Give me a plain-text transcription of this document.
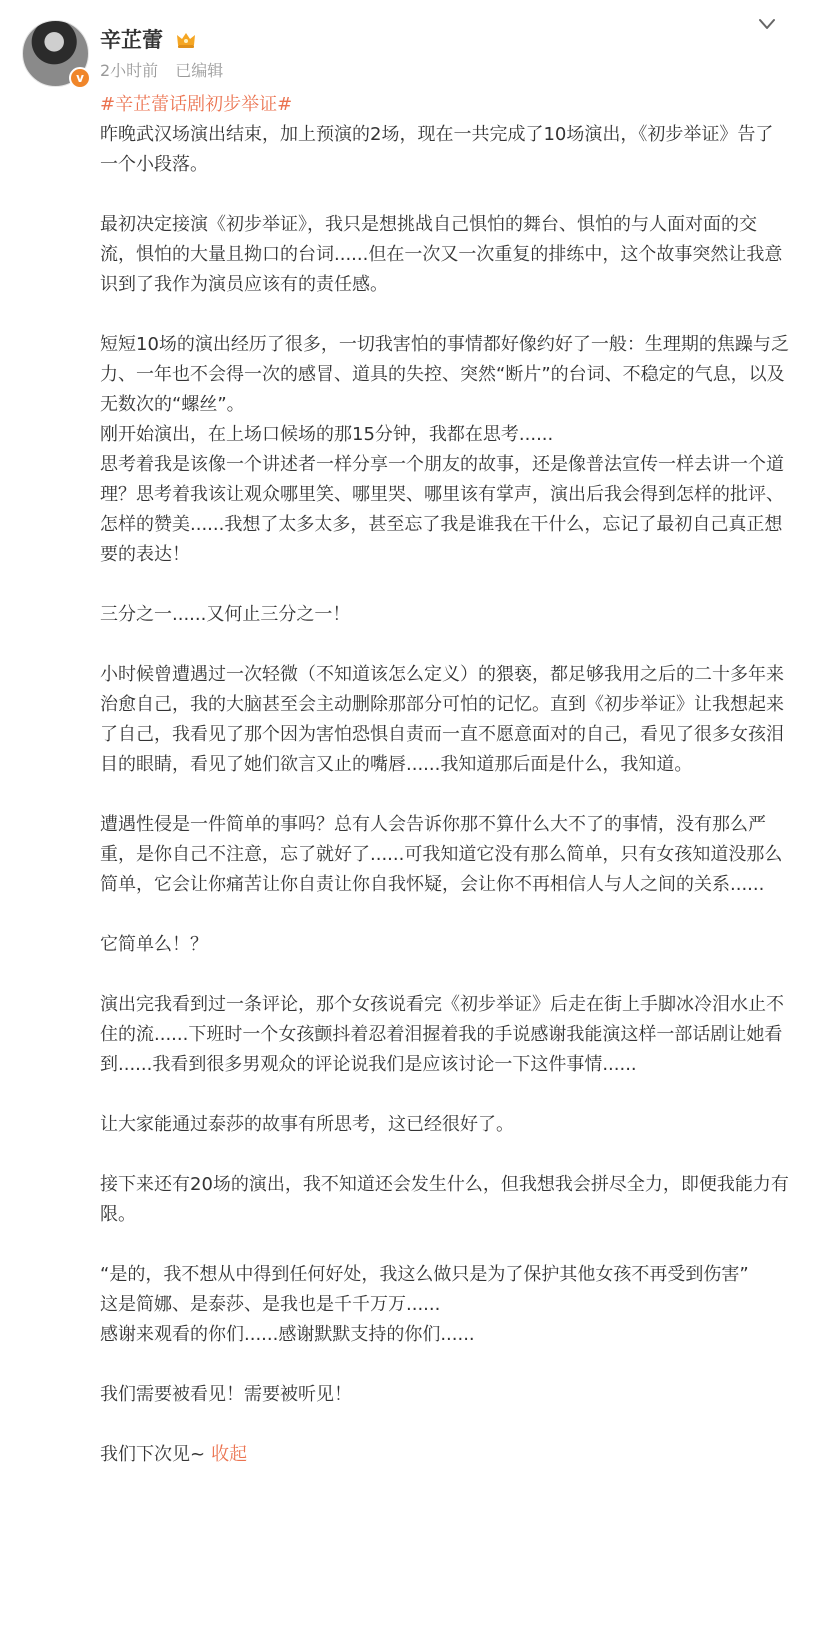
v
辛芷蕾
2小时前 已编辑
#辛芷蕾话剧初步举证#
昨晚武汉场演出结束，加上预演的2场，现在一共完成了10场演出，《初步举证》告了一个小段落。
最初决定接演《初步举证》，我只是想挑战自己惧怕的舞台、惧怕的与人面对面的交流，惧怕的大量且拗口的台词......但在一次又一次重复的排练中，这个故事突然让我意识到了我作为演员应该有的责任感。
短短10场的演出经历了很多，一切我害怕的事情都好像约好了一般：生理期的焦躁与乏力、一年也不会得一次的感冒、道具的失控、突然“断片”的台词、不稳定的气息，以及无数次的“螺丝”。
刚开始演出，在上场口候场的那15分钟，我都在思考......
思考着我是该像一个讲述者一样分享一个朋友的故事，还是像普法宣传一样去讲一个道理？思考着我该让观众哪里笑、哪里哭、哪里该有掌声，演出后我会得到怎样的批评、怎样的赞美......我想了太多太多，甚至忘了我是谁我在干什么，忘记了最初自己真正想要的表达！
三分之一......又何止三分之一！
小时候曾遭遇过一次轻微（不知道该怎么定义）的猥亵，都足够我用之后的二十多年来治愈自己，我的大脑甚至会主动删除那部分可怕的记忆。直到《初步举证》让我想起来了自己，我看见了那个因为害怕恐惧自责而一直不愿意面对的自己，看见了很多女孩泪目的眼睛，看见了她们欲言又止的嘴唇......我知道那后面是什么，我知道。
遭遇性侵是一件简单的事吗？总有人会告诉你那不算什么大不了的事情，没有那么严重，是你自己不注意，忘了就好了......可我知道它没有那么简单，只有女孩知道没那么简单，它会让你痛苦让你自责让你自我怀疑，会让你不再相信人与人之间的关系......
它简单么！？
演出完我看到过一条评论，那个女孩说看完《初步举证》后走在街上手脚冰冷泪水止不住的流......下班时一个女孩颤抖着忍着泪握着我的手说感谢我能演这样一部话剧让她看到......我看到很多男观众的评论说我们是应该讨论一下这件事情......
让大家能通过泰莎的故事有所思考，这已经很好了。
接下来还有20场的演出，我不知道还会发生什么，但我想我会拼尽全力，即便我能力有限。
“是的，我不想从中得到任何好处，我这么做只是为了保护其他女孩不再受到伤害”
这是简娜、是泰莎、是我也是千千万万......
感谢来观看的你们......感谢默默支持的你们......
我们需要被看见！需要被听见！
我们下次见~ 收起
